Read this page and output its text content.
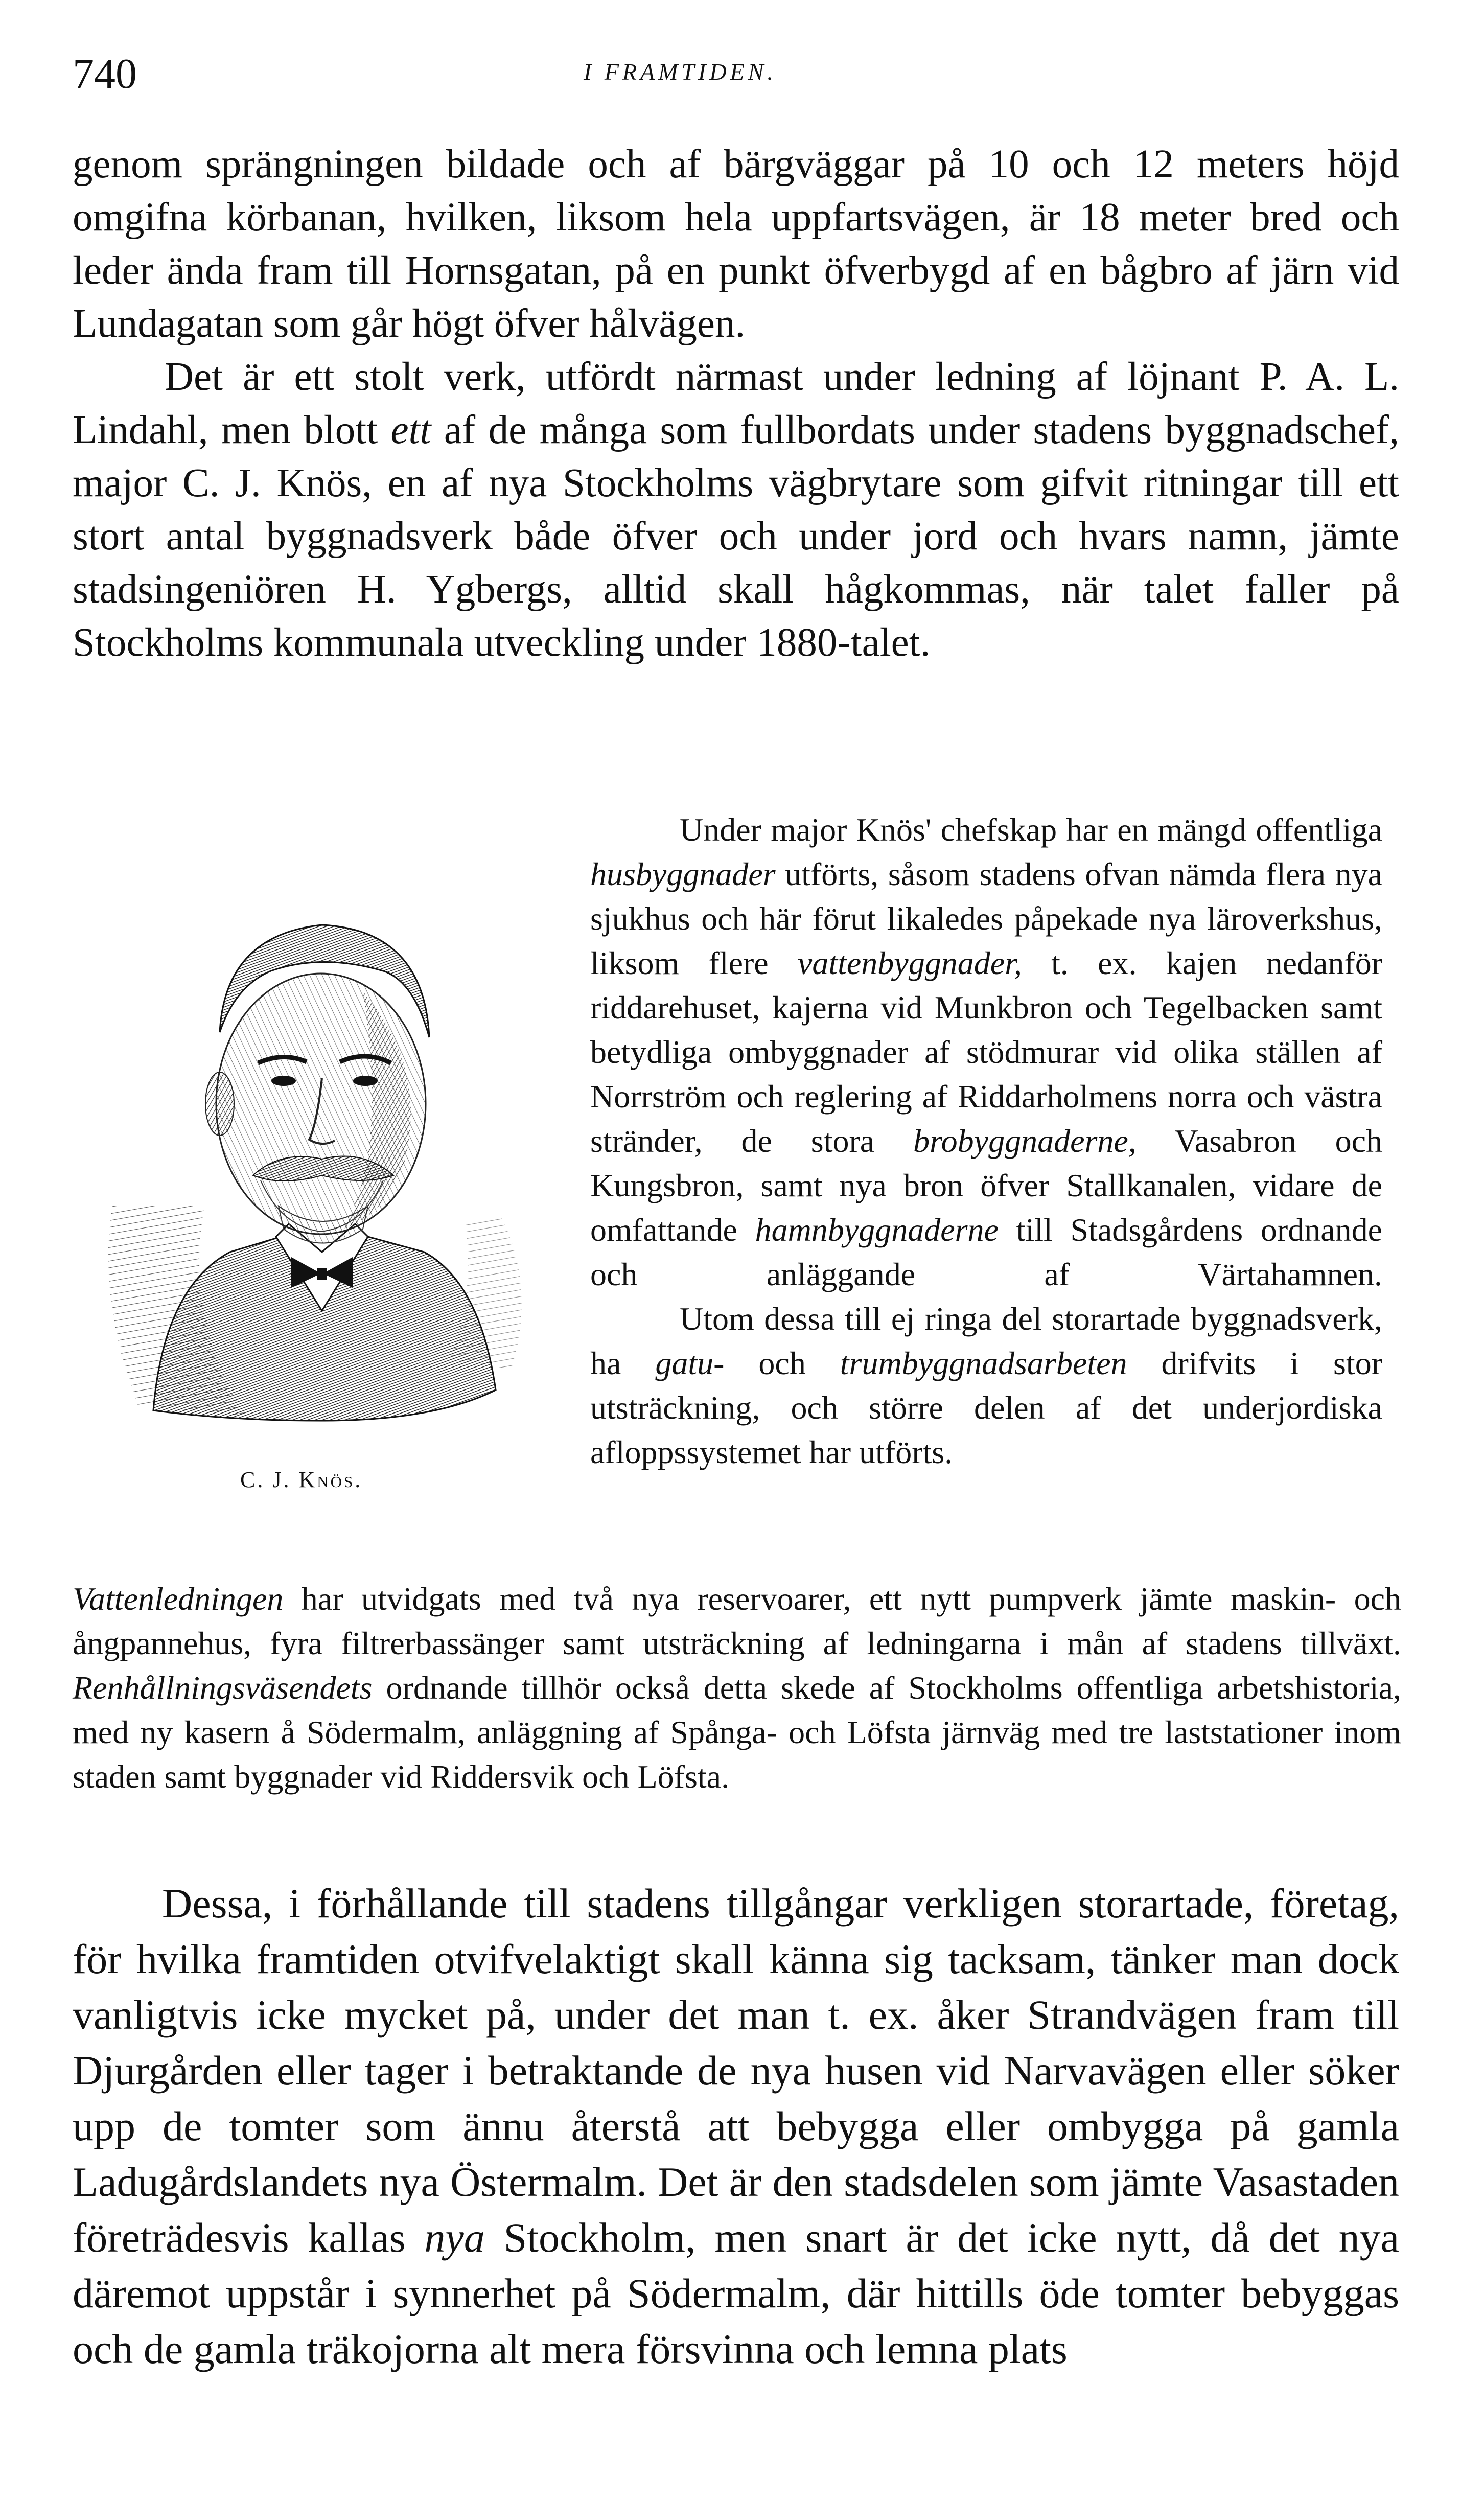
740	I FRAMTIDEN.

genom sprängningen bildade och af bärgväggar på 10 och 12 meters höjd omgifna körbanan, hvilken, liksom hela uppfartsvägen, är 18 meter bred och leder ända fram till Hornsgatan, på en punkt öfverbygd af en bågbro af järn vid Lundagatan som går högt öfver hålvägen.

Det är ett stolt verk, utfördt närmast under ledning af löjnant P. A. L. Lindahl, men blott ett af de många som fullbordats under stadens byggnadschef, major C. J. Knös, en af nya Stockholms vägbrytare som gifvit ritningar till ett stort antal byggnadsverk både öfver och under jord och hvars namn, jämte stadsingeniören H. Ygbergs, alltid skall hågkommas, när talet faller på Stockholms kommunala utveckling under 1880-talet.

C. J. Knös.

Under major Knös' chefskap har en mängd offentliga husbyggnader utförts, såsom stadens ofvan nämda flera nya sjukhus och här förut likaledes påpekade nya läroverkshus, liksom flere vattenbyggnader, t. ex. kajen nedanför riddarehuset, kajerna vid Munkbron och Tegelbacken samt betydliga ombyggnader af stödmurar vid olika ställen af Norrström och reglering af Riddarholmens norra och västra stränder, de stora brobyggnaderne, Vasabron och Kungsbron, samt nya bron öfver Stallkanalen, vidare de omfattande hamnbyggnaderne till Stadsgårdens ordnande och anläggande af Värtahamnen.

Utom dessa till ej ringa del storartade byggnadsverk, ha gatu- och trumbyggnadsarbeten drifvits i stor utsträckning, och större delen af det underjordiska afloppssystemet har utförts.

Vattenledningen har utvidgats med två nya reservoarer, ett nytt pumpverk jämte maskin- och ångpannehus, fyra filtrerbassänger samt utsträckning af ledningarna i mån af stadens tillväxt. Renhållningsväsendets ordnande tillhör också detta skede af Stockholms offentliga arbetshistoria, med ny kasern å Södermalm, anläggning af Spånga- och Löfsta järnväg med tre laststationer inom staden samt byggnader vid Riddersvik och Löfsta.

Dessa, i förhållande till stadens tillgångar verkligen storartade, företag, för hvilka framtiden otvifvelaktigt skall känna sig tacksam, tänker man dock vanligtvis icke mycket på, under det man t. ex. åker Strandvägen fram till Djurgården eller tager i betraktande de nya husen vid Narvavägen eller söker upp de tomter som ännu återstå att bebygga eller ombygga på gamla Ladugårdslandets nya Östermalm. Det är den stadsdelen som jämte Vasastaden företrädesvis kallas nya Stockholm, men snart är det icke nytt, då det nya däremot uppstår i synnerhet på Södermalm, där hittills öde tomter bebyggas och de gamla träkojorna alt mera försvinna och lemna plats
